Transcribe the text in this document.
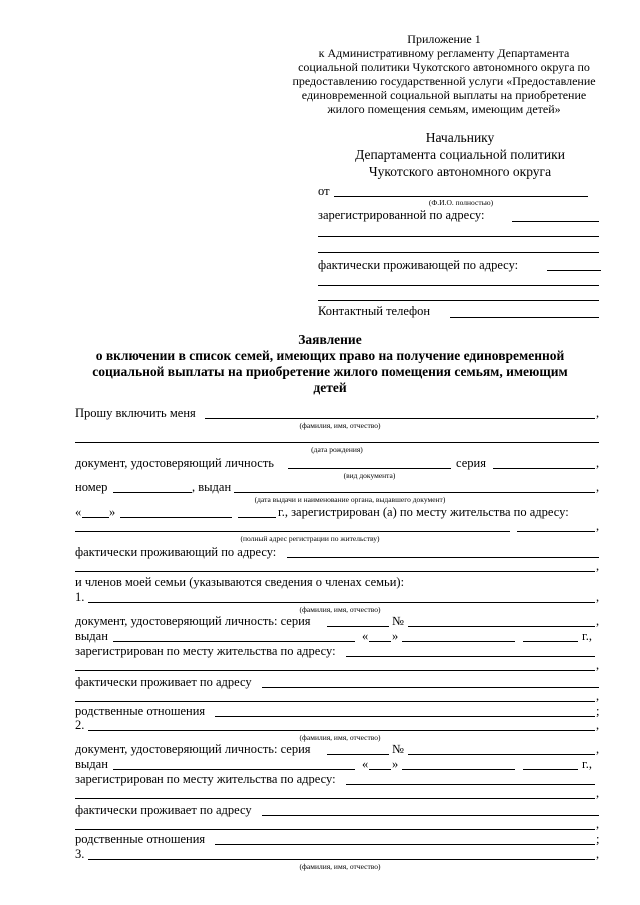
Приложение 1
к Административному регламенту Департамента
социальной политики Чукотского автономного округа по
предоставлению государственной услуги «Предоставление
единовременной социальной выплаты на приобретение
жилого помещения семьям, имеющим детей»
Начальнику
Департамента социальной политики
Чукотского автономного округа
от
(Ф.И.О. полностью)
зарегистрированной по адресу:
фактически проживающей по адресу:
Контактный телефон
Заявление
о включении в список семей, имеющих право на получение единовременной
социальной выплаты на приобретение жилого помещения семьям, имеющим
детей
Прошу включить меня	,
(фамилия, имя, отчество)
(дата рождения)
документ, удостоверяющий личность	серия	,
(вид документа)
номер	, выдан	,
(дата выдачи и наименование органа, выдавшего документ)
« »	г., зарегистрирован (а) по месту жительства по адресу:
,
(полный адрес регистрации по жительству)
фактически проживающий по адресу:
,
и членов моей семьи (указываются сведения о членах семьи):
1.	,
(фамилия, имя, отчество)
документ, удостоверяющий личность: серия	№	,
выдан	« »	г.,
зарегистрирован по месту жительства по адресу:
,
фактически проживает по адресу
,
родственные отношения	;
2.	,
(фамилия, имя, отчество)
документ, удостоверяющий личность: серия	№	,
выдан	« »	г.,
зарегистрирован по месту жительства по адресу:
,
фактически проживает по адресу
,
родственные отношения	;
3.	,
(фамилия, имя, отчество)
